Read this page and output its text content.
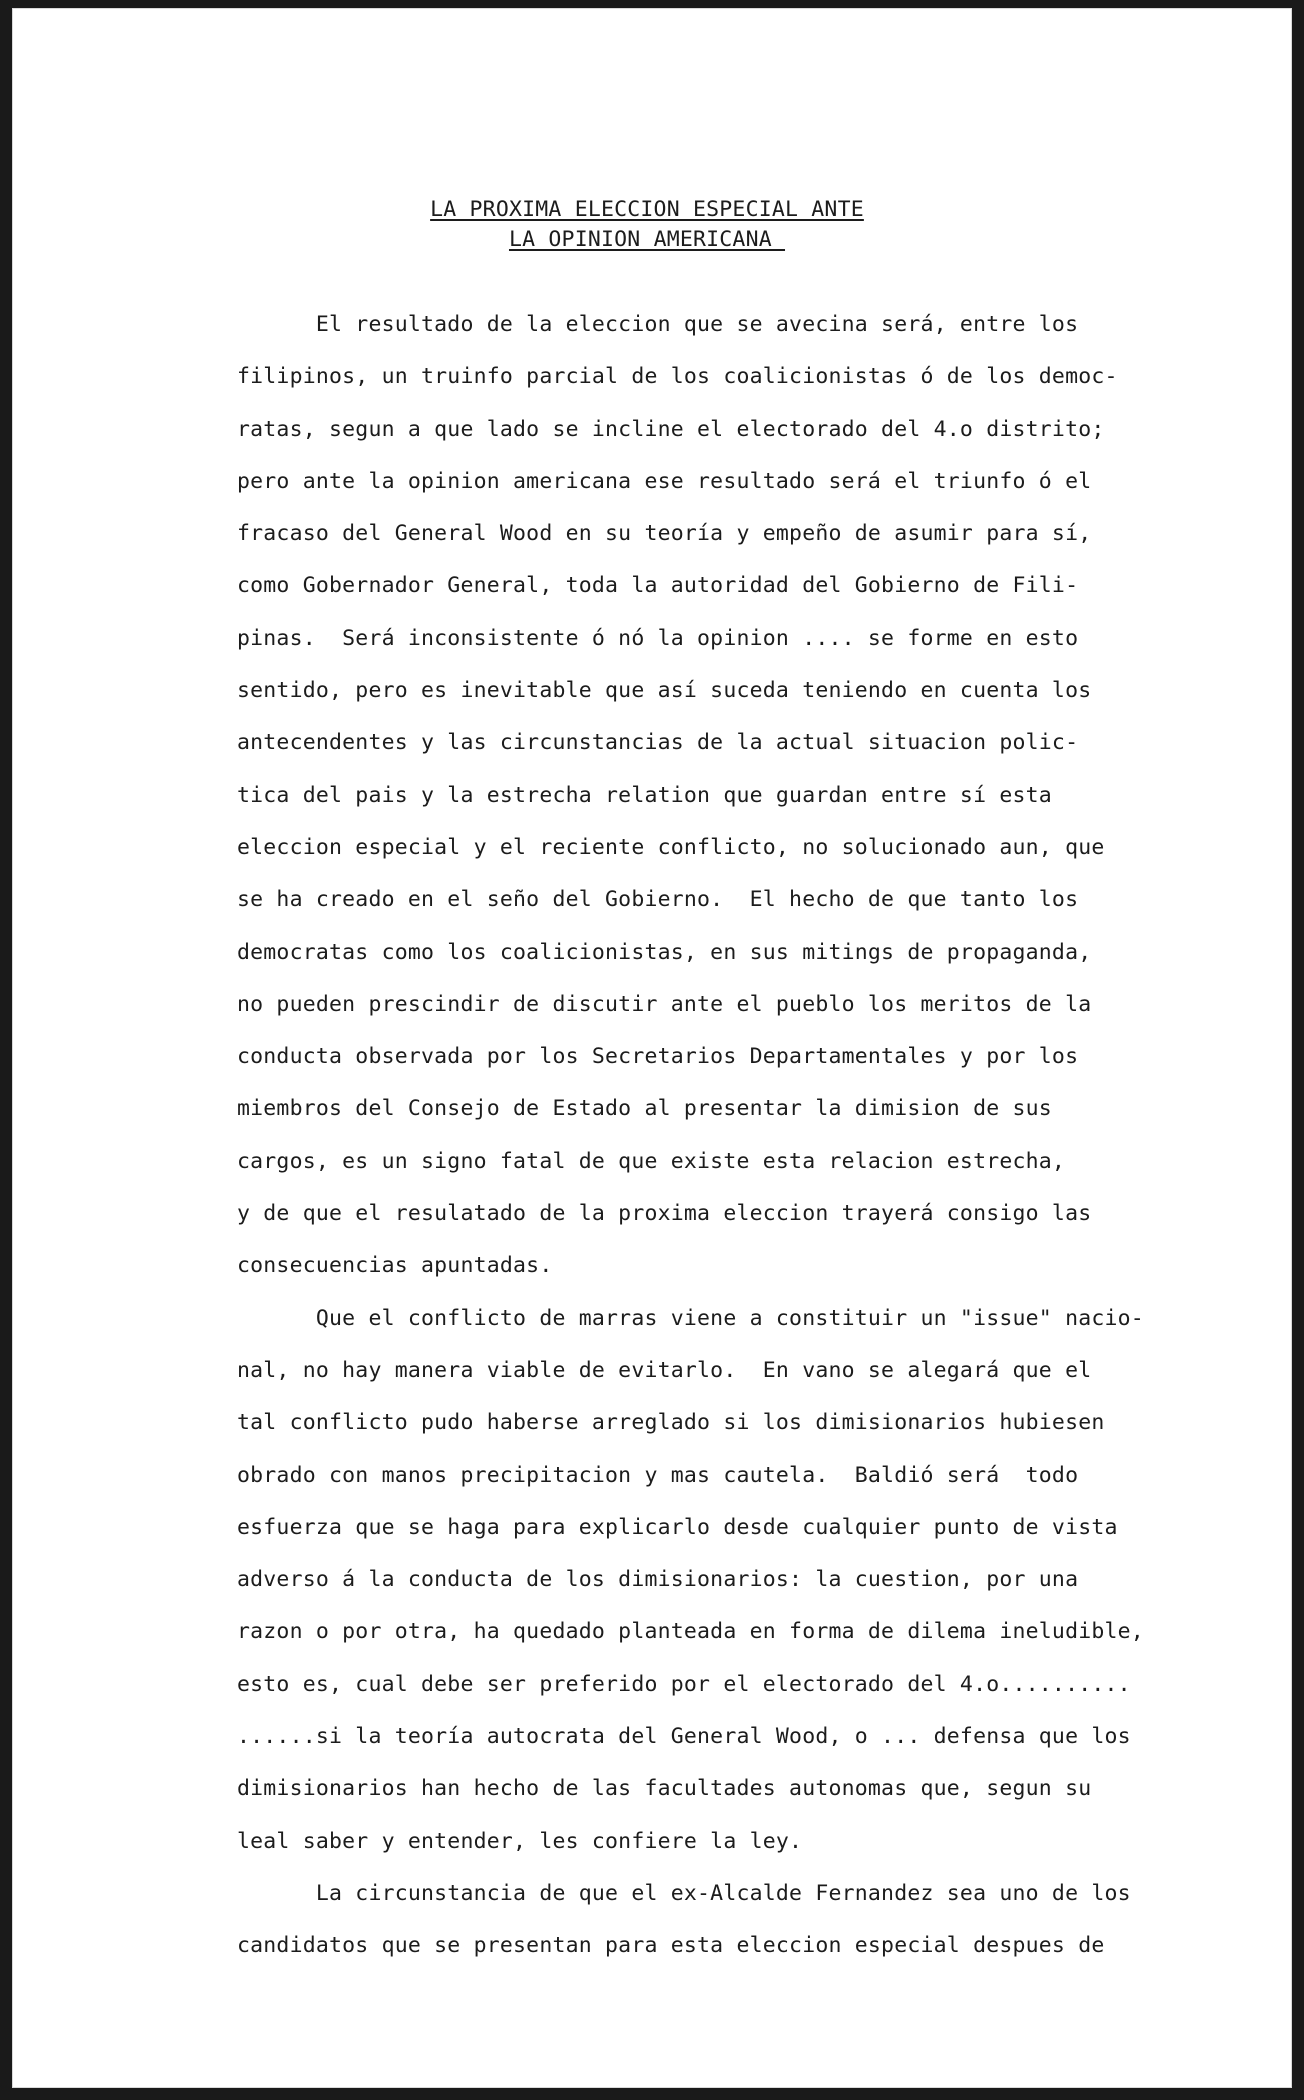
LA PROXIMA ELECCION ESPECIAL ANTE
LA OPINION AMERICANA
El resultado de la eleccion que se avecina será, entre los
filipinos, un truinfo parcial de los coalicionistas ó de los democ-
ratas, segun a que lado se incline el electorado del 4.o distrito;
pero ante la opinion americana ese resultado será el triunfo ó el
fracaso del General Wood en su teoría y empeño de asumir para sí,
como Gobernador General, toda la autoridad del Gobierno de Fili-
pinas.  Será inconsistente ó nó la opinion .... se forme en esto
sentido, pero es inevitable que así suceda teniendo en cuenta los
antecendentes y las circunstancias de la actual situacion polic-
tica del pais y la estrecha relation que guardan entre sí esta
eleccion especial y el reciente conflicto, no solucionado aun, que
se ha creado en el seño del Gobierno.  El hecho de que tanto los
democratas como los coalicionistas, en sus mitings de propaganda,
no pueden prescindir de discutir ante el pueblo los meritos de la
conducta observada por los Secretarios Departamentales y por los
miembros del Consejo de Estado al presentar la dimision de sus
cargos, es un signo fatal de que existe esta relacion estrecha,
y de que el resulatado de la proxima eleccion trayerá consigo las
consecuencias apuntadas.
Que el conflicto de marras viene a constituir un "issue" nacio-
nal, no hay manera viable de evitarlo.  En vano se alegará que el
tal conflicto pudo haberse arreglado si los dimisionarios hubiesen
obrado con manos precipitacion y mas cautela.  Baldió será  todo
esfuerza que se haga para explicarlo desde cualquier punto de vista
adverso á la conducta de los dimisionarios: la cuestion, por una
razon o por otra, ha quedado planteada en forma de dilema ineludible,
esto es, cual debe ser preferido por el electorado del 4.o..........
......si la teoría autocrata del General Wood, o ... defensa que los
dimisionarios han hecho de las facultades autonomas que, segun su
leal saber y entender, les confiere la ley.
La circunstancia de que el ex-Alcalde Fernandez sea uno de los
candidatos que se presentan para esta eleccion especial despues de
